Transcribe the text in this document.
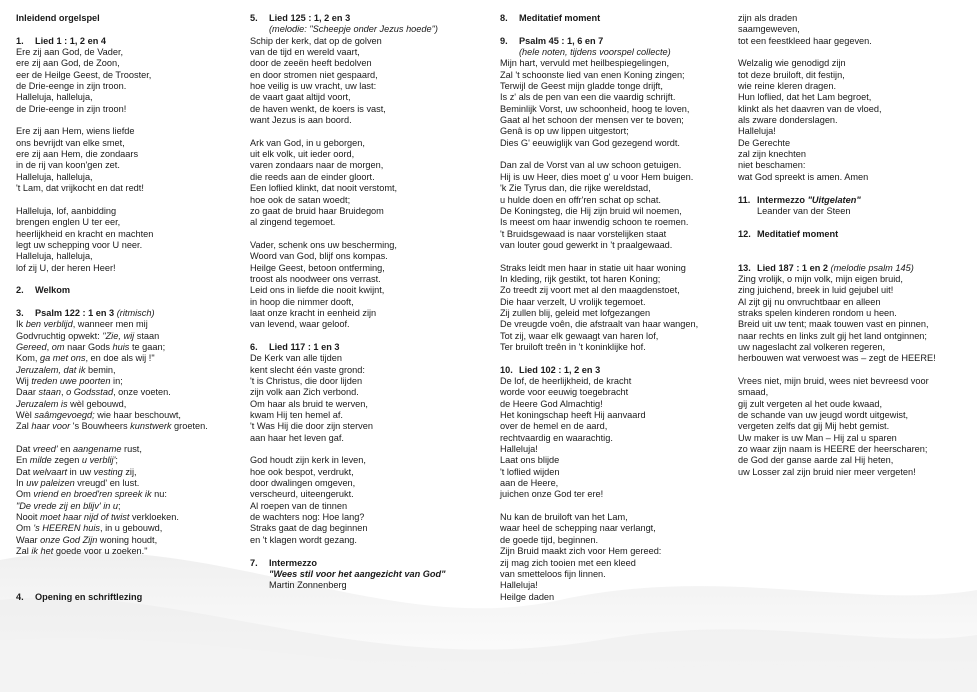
Inleidend orgelspel
1. Lied 1 : 1, 2 en 4
Ere zij aan God, de Vader,
ere zij aan God, de Zoon,
eer de Heilge Geest, de Trooster,
de Drie-eenge in zijn troon.
Halleluja, halleluja,
de Drie-eenge in zijn troon!
Ere zij aan Hem, wiens liefde
ons bevrijdt van elke smet,
ere zij aan Hem, die zondaars
in de rij van koon'gen zet.
Halleluja, halleluja,
't Lam, dat vrijkocht en dat redt!
Halleluja, lof, aanbidding
brengen englen U ter eer,
heerlijkheid en kracht en machten
legt uw schepping voor U neer.
Halleluja, halleluja,
lof zij U, der heren Heer!
2. Welkom
3. Psalm 122 : 1 en 3 (ritmisch)
Ik ben verblijd, wanneer men mij
Godvruchtig opwekt: "Zie, wij staan
Gereed, om naar Gods huis te gaan;
Kom, ga met ons, en doe als wij !"
Jeruzalem, dat ik bemin,
Wij treden uwe poorten in;
Daar staan, o Godsstad, onze voeten.
Jeruzalem is wèl gebouwd,
Wèl saâmgevoegd; wie haar beschouwt,
Zal haar voor 's Bouwheers kunstwerk groeten.
Dat vreed' en aangename rust,
En milde zegen u verblij';
Dat welvaart in uw vesting zij,
In uw paleizen vreugd' en lust.
Om vriend en broed'ren spreek ik nu:
"De vrede zij en blijv' in u;
Nooit moet haar nijd of twist verkloeken.
Om 's HEEREN huis, in u gebouwd,
Waar onze God Zijn woning houdt,
Zal ik het goede voor u zoeken."
4. Opening en schriftlezing
5. Lied 125 : 1, 2 en 3
(melodie: "Scheepje onder Jezus hoede")
Schip der kerk, dat op de golven
van de tijd en wereld vaart,
door de zeeën heeft bedolven
en door stromen niet gespaard,
hoe veilig is uw vracht, uw last:
de vaart gaat altijd voort,
de haven wenkt, de koers is vast,
want Jezus is aan boord.
Ark van God, in u geborgen,
uit elk volk, uit ieder oord,
varen zondaars naar de morgen,
die reeds aan de einder gloort.
Een loflied klinkt, dat nooit verstomt,
hoe ook de satan woedt;
zo gaat de bruid haar Bruidegom
al zingend tegemoet.
Vader, schenk ons uw bescherming,
Woord van God, blijf ons kompas.
Heilge Geest, betoon ontferming,
troost als noodweer ons verrast.
Leid ons in liefde die nooit kwijnt,
in hoop die nimmer dooft,
laat onze kracht in eenheid zijn
van levend, waar geloof.
6. Lied 117 : 1 en 3
De Kerk van alle tijden
kent slecht één vaste grond:
't is Christus, die door lijden
zijn volk aan Zich verbond.
Om haar als bruid te werven,
kwam Hij ten hemel af.
't Was Hij die door zijn sterven
aan haar het leven gaf.
God houdt zijn kerk in leven,
hoe ook bespot, verdrukt,
door dwalingen omgeven,
verscheurd, uiteengerukt.
Al roepen van de tinnen
de wachters nog: Hoe lang?
Straks gaat de dag beginnen
en 't klagen wordt gezang.
7. Intermezzo
"Wees stil voor het aangezicht van God"
Martin Zonnenberg
8. Meditatief moment
9. Psalm 45 : 1, 6 en 7
(hele noten, tijdens voorspel collecte)
Mijn hart, vervuld met heilbespiegelingen,
Zal 't schoonste lied van enen Koning zingen;
Terwijl de Geest mijn gladde tonge drijft,
Is z' als de pen van een die vaardig schrijft.
Beminlijk Vorst, uw schoonheid, hoog te loven,
Gaat al het schoon der mensen ver te boven;
Genâ is op uw lippen uitgestort;
Dies G' eeuwiglijk van God gezegend wordt.
Dan zal de Vorst van al uw schoon getuigen.
Hij is uw Heer, dies moet g' u voor Hem buigen.
'k Zie Tyrus dan, die rijke wereldstad,
u hulde doen en offr'ren schat op schat.
De Koningsteg, die Hij zijn bruid wil noemen,
Is meest om haar inwendig schoon te roemen.
't Bruidsgewaad is naar vorstelijken staat
van louter goud gewerkt in 't praalgewaad.
Straks leidt men haar in statie uit haar woning
In kleding, rijk gestikt, tot haren Koning;
Zo treedt zij voort met al den maagdenstoet,
Die haar verzelt, U vrolijk tegemoet.
Zij zullen blij, geleid met lofgezangen
De vreugde voên, die afstraalt van haar wangen,
Tot zij, waar elk gewaagt van haren lof,
Ter bruiloft treên in 't koninklijke hof.
10. Lied 102 : 1, 2 en 3
De lof, de heerlijkheid, de kracht
worde voor eeuwig toegebracht
de Heere God Almachtig!
Het koningschap heeft Hij aanvaard
over de hemel en de aard,
rechtvaardig en waarachtig.
Halleluja!
Laat ons blijde
't loflied wijden
aan de Heere,
juichen onze God ter ere!
Nu kan de bruiloft van het Lam,
waar heel de schepping naar verlangt,
de goede tijd, beginnen.
Zijn Bruid maakt zich voor Hem gereed:
zij mag zich tooien met een kleed
van smetteloos fijn linnen.
Halleluja!
Heilge daden
zijn als draden
saamgeweven,
tot een feestkleed haar gegeven.
Welzalig wie genodigd zijn
tot deze bruiloft, dit festijn,
wie reine kleren dragen.
Hun loflied, dat het Lam begroet,
klinkt als het daavren van de vloed,
als zware donderslagen.
Halleluja!
De Gerechte
zal zijn knechten
niet beschamen:
wat God spreekt is amen. Amen
11. Intermezzo "Uitgelaten"
Leander van der Steen
12. Meditatief moment
13. Lied 187 : 1 en 2 (melodie psalm 145)
Zing vrolijk, o mijn volk, mijn eigen bruid,
zing juichend, breek in luid gejubel uit!
Al zijt gij nu onvruchtbaar en alleen
straks spelen kinderen rondom u heen.
Breid uit uw tent; maak touwen vast en pinnen,
naar rechts en links zult gij het land ontginnen;
uw nageslacht zal volkeren regeren,
herbouwen wat verwoest was – zegt de HEERE!
Vrees niet, mijn bruid, wees niet bevreesd voor
smaad,
gij zult vergeten al het oude kwaad,
de schande van uw jeugd wordt uitgewist,
vergeten zelfs dat gij Mij hebt gemist.
Uw maker is uw Man – Hij zal u sparen
zo waar zijn naam is HEERE der heerscharen;
de God der ganse aarde zal Hij heten,
uw Losser zal zijn bruid nier meer vergeten!
